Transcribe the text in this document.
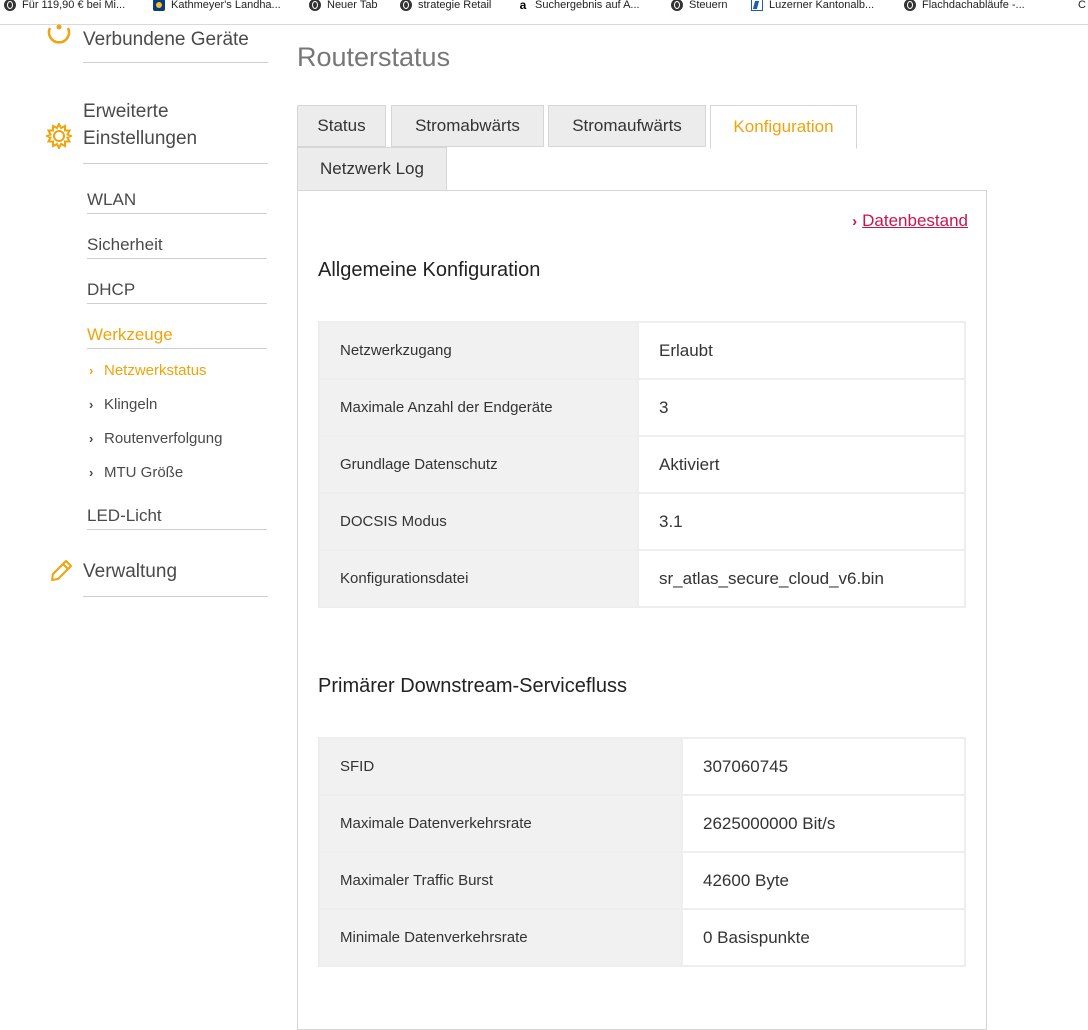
Für 119,90 € bei Mi...	Kathmeyer's Landha...	Neuer Tab	strategie Retail a Suchergebnis auf A...	Steuern	Luzerner Kantonalb...	Flachdachabläufe -...	C
Verbundene Geräte
Erweiterte Einstellungen
WLAN
Sicherheit
DHCP
Werkzeuge
› Netzwerkstatus
› Klingeln
› Routenverfolgung
› MTU Größe
LED-Licht
Verwaltung
Routerstatus
Status	Stromabwärts	Stromaufwärts	Konfiguration
Netzwerk Log
› Datenbestand
Allgemeine Konfiguration
Netzwerkzugang	Erlaubt
Maximale Anzahl der Endgeräte	3
Grundlage Datenschutz	Aktiviert
DOCSIS Modus	3.1
Konfigurationsdatei	sr_atlas_secure_cloud_v6.bin
Primärer Downstream-Servicefluss
SFID	307060745
Maximale Datenverkehrsrate	2625000000 Bit/s
Maximaler Traffic Burst	42600 Byte
Minimale Datenverkehrsrate	0 Basispunkte
